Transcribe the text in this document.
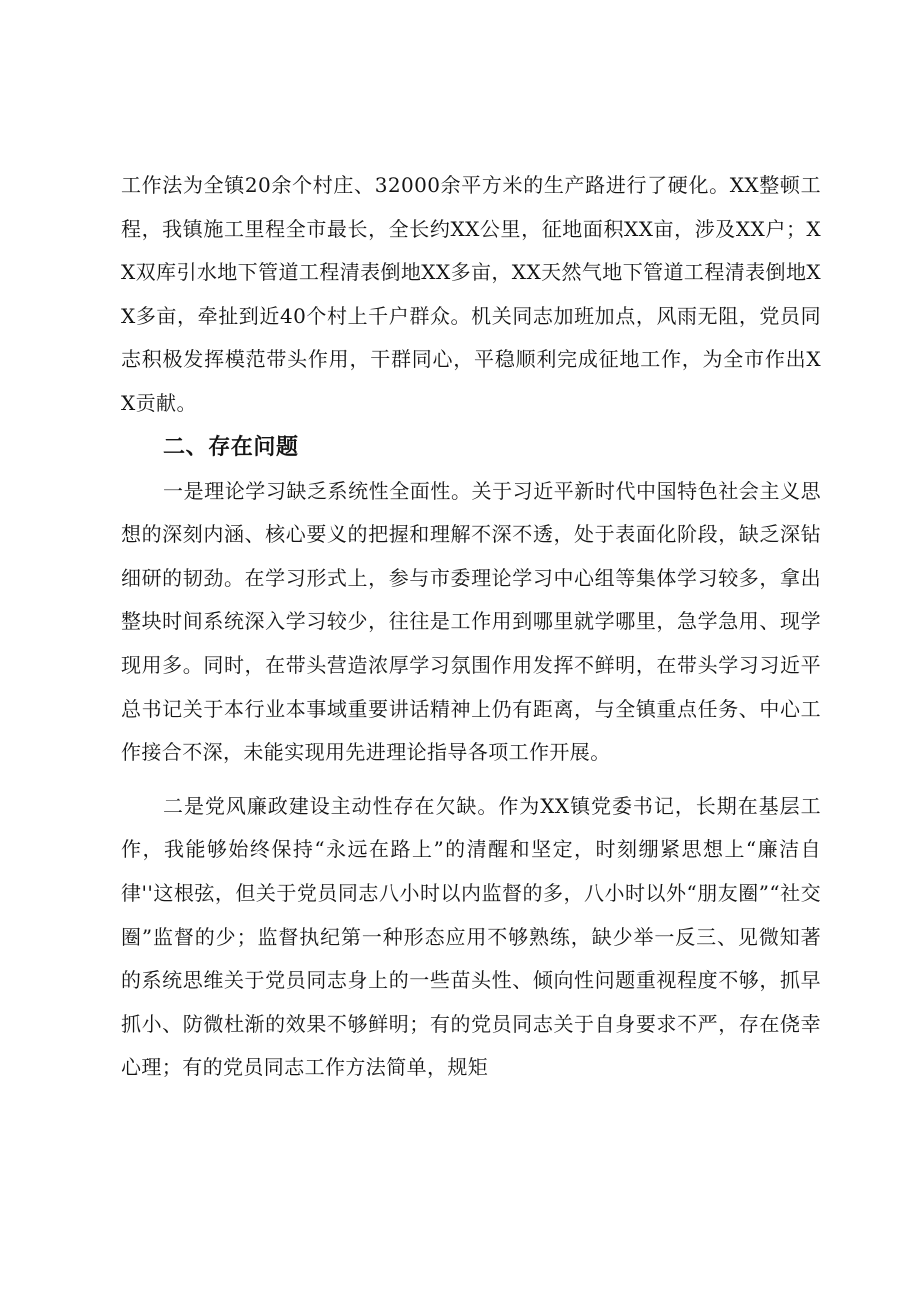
工作法为全镇20余个村庄、32000余平方米的生产路进行了硬化。XX整顿工程，我镇施工里程全市最长，全长约XX公里，征地面积XX亩，涉及XX户；XX双库引水地下管道工程清表倒地XX多亩，XX天然气地下管道工程清表倒地XX多亩，牵扯到近40个村上千户群众。机关同志加班加点，风雨无阻，党员同志积极发挥模范带头作用，干群同心，平稳顺利完成征地工作，为全市作出XX贡献。

二、存在问题

一是理论学习缺乏系统性全面性。关于习近平新时代中国特色社会主义思想的深刻内涵、核心要义的把握和理解不深不透，处于表面化阶段，缺乏深钻细研的韧劲。在学习形式上，参与市委理论学习中心组等集体学习较多，拿出整块时间系统深入学习较少，往往是工作用到哪里就学哪里，急学急用、现学现用多。同时，在带头营造浓厚学习氛围作用发挥不鲜明，在带头学习习近平总书记关于本行业本事域重要讲话精神上仍有距离，与全镇重点任务、中心工作接合不深，未能实现用先进理论指导各项工作开展。

二是党风廉政建设主动性存在欠缺。作为XX镇党委书记，长期在基层工作，我能够始终保持“永远在路上”的清醒和坚定，时刻绷紧思想上“廉洁自律''这根弦，但关于党员同志八小时以内监督的多，八小时以外“朋友圈”“社交圈”监督的少；监督执纪第一种形态应用不够熟练，缺少举一反三、见微知著的系统思维关于党员同志身上的一些苗头性、倾向性问题重视程度不够，抓早抓小、防微杜渐的效果不够鲜明；有的党员同志关于自身要求不严，存在侥幸心理；有的党员同志工作方法简单，规矩
